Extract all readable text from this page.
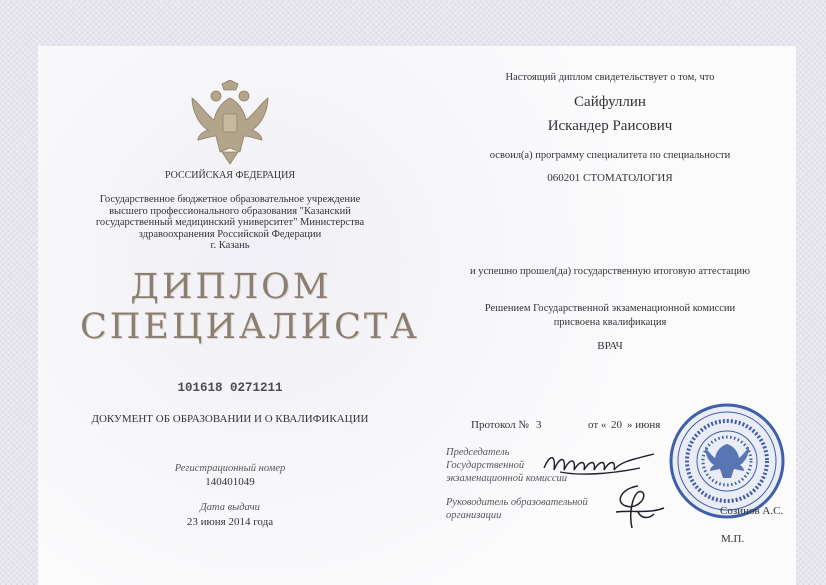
РОССИЙСКАЯ ФЕДЕРАЦИЯ
Государственное бюджетное образовательное учреждение
высшего профессионального образования "Казанский
государственный медицинский университет" Министерства
здравоохранения Российской Федерации
г. Казань
ДИПЛОМ
СПЕЦИАЛИСТА
101618 0271211
ДОКУМЕНТ ОБ ОБРАЗОВАНИИ И О КВАЛИФИКАЦИИ
Регистрационный номер
140401049
Дата выдачи
23 июня 2014 года
Настоящий диплом свидетельствует о том, что
Сайфуллин
Искандер Раисович
освоил(а) программу специалитета по специальности
060201 СТОМАТОЛОГИЯ
и успешно прошел(да) государственную итоговую аттестацию
Решением Государственной экзаменационной комиссии
присвоена квалификация
ВРАЧ
Протокол № 3	от « 20 » июня
Председатель
Государственной
экзаменационной комиссии
Руководитель образовательной
организации	Созинов А.С.
М.П.
